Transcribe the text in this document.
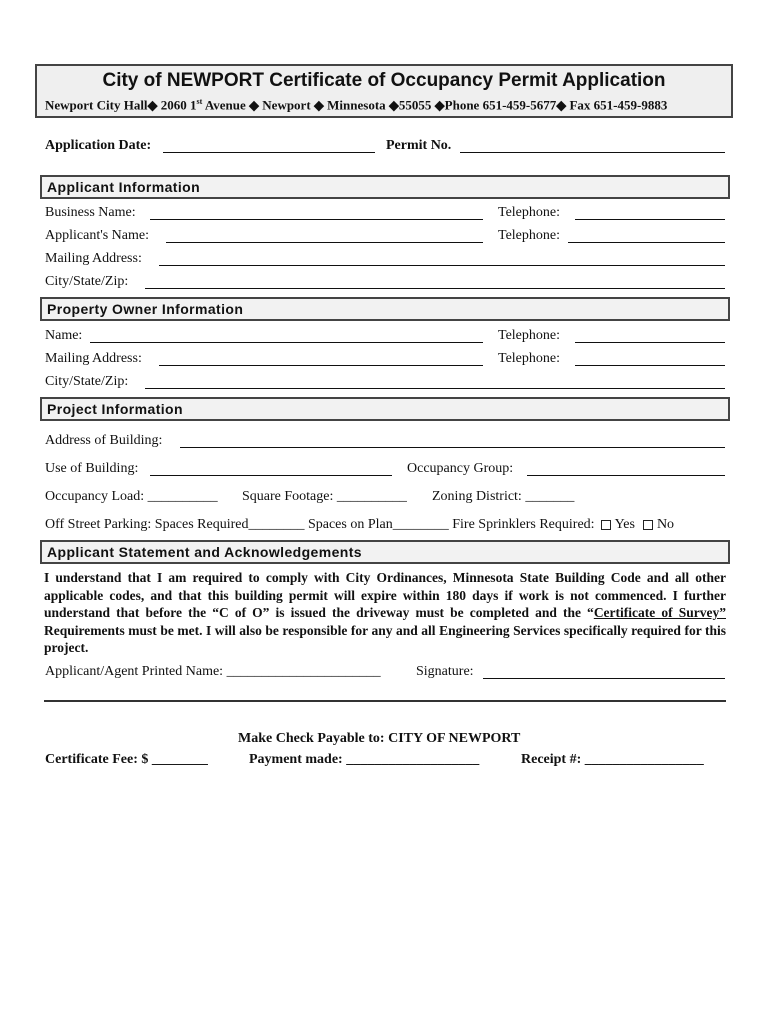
City of NEWPORT Certificate of Occupancy Permit Application
Newport City Hall◆ 2060 1st Avenue ◆ Newport ◆ Minnesota ◆55055 ◆Phone 651-459-5677◆ Fax 651-459-9883
Application Date:	Permit No.
Applicant Information
Business Name:	Telephone:
Applicant's Name:	Telephone:
Mailing Address:
City/State/Zip:
Property Owner Information
Name:	Telephone:
Mailing Address:	Telephone:
City/State/Zip:
Project Information
Address of Building:
Use of Building:	Occupancy Group:
Occupancy Load: __________ Square Footage: __________ Zoning District: _______
Off Street Parking: Spaces Required________ Spaces on Plan________ Fire Sprinklers Required: Yes No
Applicant Statement and Acknowledgements
I understand that I am required to comply with City Ordinances, Minnesota State Building Code and all other applicable codes, and that this building permit will expire within 180 days if work is not commenced. I further understand that before the “C of O” is issued the driveway must be completed and the “Certificate of Survey” Requirements must be met. I will also be responsible for any and all Engineering Services specifically required for this project.
Applicant/Agent Printed Name: ______________________	Signature:
Make Check Payable to: CITY OF NEWPORT
Certificate Fee: $ ________	Payment made: ___________________	Receipt #: _________________
